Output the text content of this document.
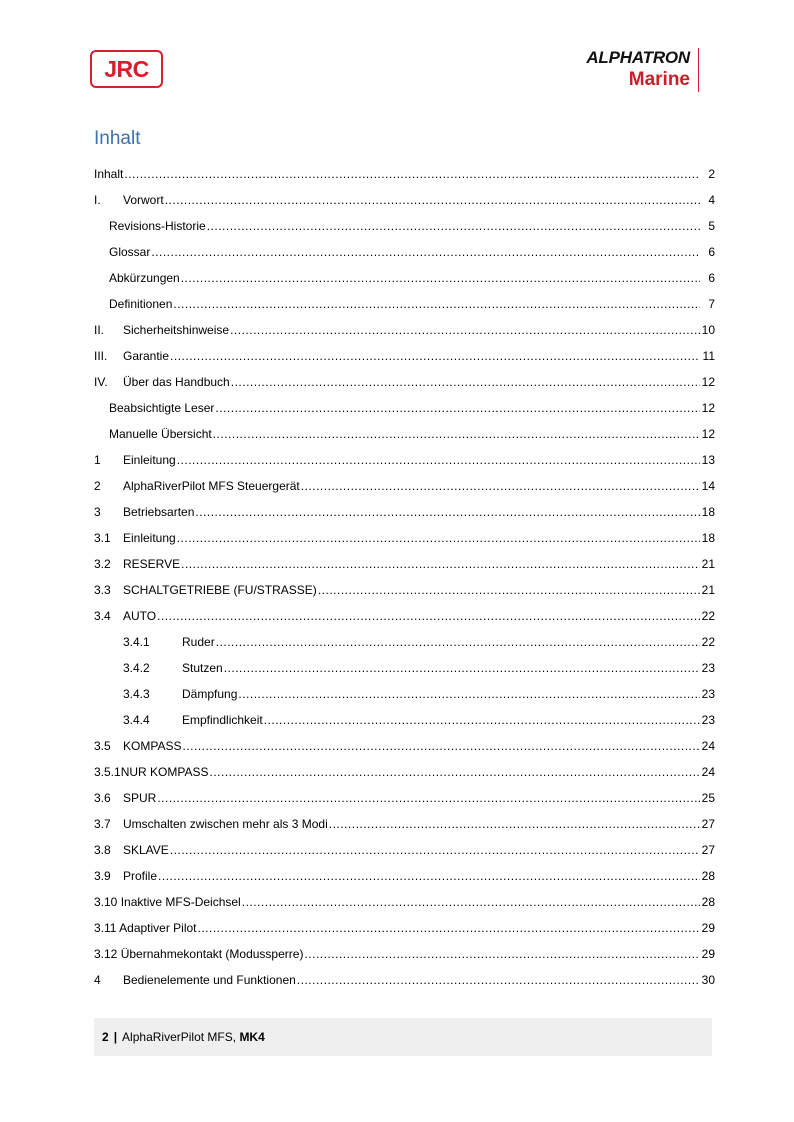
JRC	ALPHATRON
Marine
Inhalt
Inhalt .....	2
I.	Vorwort .....	4
Revisions-Historie .....	5
Glossar .....	6
Abkürzungen .....	6
Definitionen .....	7
II.	Sicherheitshinweise .....	10
III.	Garantie .....	11
IV.	Über das Handbuch .....	12
Beabsichtigte Leser .....	12
Manuelle Übersicht .....	12
1	Einleitung .....	13
2	AlphaRiverPilot MFS Steuergerät .....	14
3	Betriebsarten .....	18
3.1	Einleitung .....	18
3.2	RESERVE .....	21
3.3	SCHALTGETRIEBE (FU/STRASSE) .....	21
3.4	AUTO .....	22
3.4.1	Ruder .....	22
3.4.2	Stutzen .....	23
3.4.3	Dämpfung .....	23
3.4.4	Empfindlichkeit .....	23
3.5	KOMPASS .....	24
3.5.1NUR KOMPASS .....	24
3.6	SPUR .....	25
3.7	Umschalten zwischen mehr als 3 Modi .....	27
3.8	SKLAVE .....	27
3.9	Profile .....	28
3.10 Inaktive MFS-Deichsel .....	28
3.11 Adaptiver Pilot .....	29
3.12 Übernahmekontakt (Modussperre) .....	29
4	Bedienelemente und Funktionen .....	30
2 | AlphaRiverPilot MFS,
MK4
